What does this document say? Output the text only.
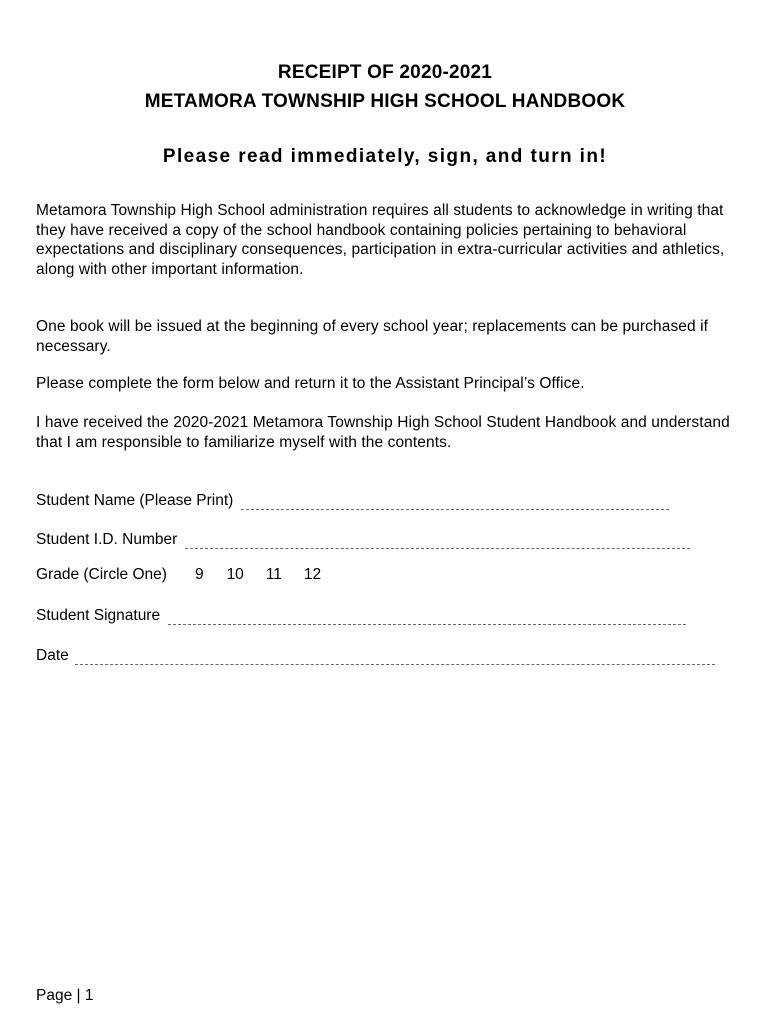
RECEIPT OF 2020-2021
METAMORA TOWNSHIP HIGH SCHOOL HANDBOOK
Please read immediately, sign, and turn in!

Metamora Township High School administration requires all students to acknowledge in writing that they have received a copy of the school handbook containing policies pertaining to behavioral expectations and disciplinary consequences, participation in extra-curricular activities and athletics, along with other important information.

One book will be issued at the beginning of every school year; replacements can be purchased if necessary.

Please complete the form below and return it to the Assistant Principal’s Office.

I have received the 2020-2021 Metamora Township High School Student Handbook and understand that I am responsible to familiarize myself with the contents.

Student Name (Please Print)
Student I.D. Number
Grade (Circle One) 9 10 11 12
Student Signature
Date

Page | 1
